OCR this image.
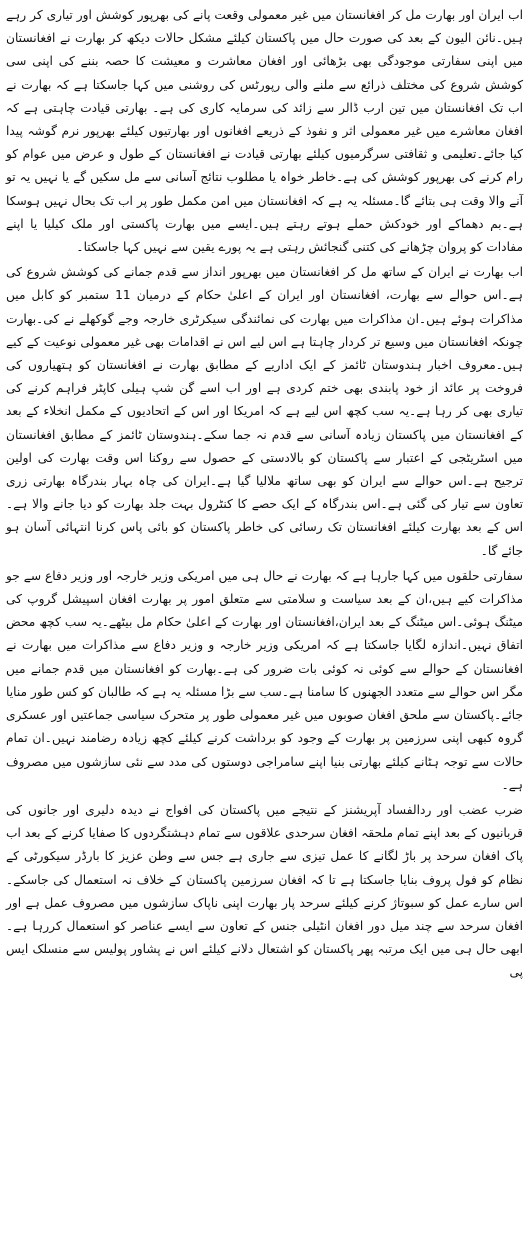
اب ایران اور بھارت مل کر افغانستان میں غیر معمولی وقعت پانے کی بھرپور کوشش اور تیاری کر رہے ہیں۔نائن الیون کے بعد کی صورت حال میں پاکستان کیلئے مشکل حالات دیکھ کر بھارت نے افغانستان میں اپنی سفارتی موجودگی بھی بڑھائی اور افغان معاشرت و معیشت کا حصہ بننے کی اپنی سی کوشش شروع کی مختلف ذرائع سے ملنے والی رپورٹس کی روشنی میں کہا جاسکتا ہے کہ بھارت نے اب تک افغانستان میں تین ارب ڈالر سے زائد کی سرمایہ کاری کی ہے۔ بھارتی قیادت چاہتی ہے کہ افغان معاشرے میں غیر معمولی اثر و نفوذ کے ذریعے افغانوں اور بھارتیوں کیلئے بھرپور نرم گوشہ پیدا کیا جائے۔تعلیمی و ثقافتی سرگرمیوں کیلئے بھارتی قیادت نے افغانستان کے طول و عرض میں عوام کو رام کرنے کی بھرپور کوشش کی ہے۔خاطر خواہ یا مطلوب نتائج آسانی سے مل سکیں گے یا نہیں یہ تو آنے والا وقت ہی بتائے گا۔مسئلہ یہ ہے کہ افغانستان میں امن مکمل طور پر اب تک بحال نہیں ہوسکا ہے۔بم دھماکے اور خودکش حملے ہوتے رہتے ہیں۔ایسے میں بھارت پاکستی اور ملک کیلیا یا اپنے مفادات کو پروان چڑھانے کی کتنی گنجائش رہتی ہے یہ پورے یقین سے نہیں کہا جاسکتا۔

اب بھارت نے ایران کے ساتھ مل کر افغانستان میں بھرپور انداز سے قدم جمانے کی کوشش شروع کی ہے۔اس حوالے سے بھارت، افغانستان اور ایران کے اعلیٰ حکام کے درمیان 11 ستمبر کو کابل میں مذاکرات ہوئے ہیں۔ان مذاکرات میں بھارت کی نمائندگی سیکرٹری خارجہ وجے گوکھلے نے کی۔بھارت چونکہ افغانستان میں وسیع تر کردار چاہتا ہے اس لیے اس نے اقدامات بھی غیر معمولی نوعیت کے کیے ہیں۔معروف اخبار ہندوستان ٹائمز کے ایک اداریے کے مطابق بھارت نے افغانستان کو ہتھیاروں کی فروخت پر عائد از خود پابندی بھی ختم کردی ہے اور اب اسے گن شپ ہیلی کاپٹر فراہم کرنے کی تیاری بھی کر رہا ہے۔یہ سب کچھ اس لیے ہے کہ امریکا اور اس کے اتحادیوں کے مکمل انخلاء کے بعد کے افغانستان میں پاکستان زیادہ آسانی سے قدم نہ جما سکے۔ہندوستان ٹائمز کے مطابق افغانستان میں اسٹریٹجی کے اعتبار سے پاکستان کو بالادستی کے حصول سے روکنا اس وقت بھارت کی اولین ترجیح ہے۔اس حوالے سے ایران کو بھی ساتھ ملالیا گیا ہے۔ایران کی چاہ بہار بندرگاہ بھارتی زری تعاون سے تیار کی گئی ہے۔اس بندرگاہ کے ایک حصے کا کنٹرول بہت جلد بھارت کو دیا جانے والا ہے۔اس کے بعد بھارت کیلئے افغانستان تک رسائی کی خاطر پاکستان کو بائی پاس کرنا انتہائی آسان ہو جائے گا۔

سفارتی حلقوں میں کہا جارہا ہے کہ بھارت نے حال ہی میں امریکی وزیر خارجہ اور وزیر دفاع سے جو مذاکرات کیے ہیں،ان کے بعد سیاست و سلامتی سے متعلق امور پر بھارت افغان اسپیشل گروپ کی میٹنگ ہوئی۔اس میٹنگ کے بعد ایران،افغانستان اور بھارت کے اعلیٰ حکام مل بیٹھے۔یہ سب کچھ محض اتفاق نہیں۔اندازہ لگایا جاسکتا ہے کہ امریکی وزیر خارجہ و وزیر دفاع سے مذاکرات میں بھارت نے افغانستان کے حوالے سے کوئی نہ کوئی بات ضرور کی ہے۔بھارت کو افغانستان میں قدم جمانے میں مگر اس حوالے سے متعدد الجھنوں کا سامنا ہے۔سب سے بڑا مسئلہ یہ ہے کہ طالبان کو کس طور منایا جائے۔پاکستان سے ملحق افغان صوبوں میں غیر معمولی طور پر متحرک سیاسی جماعتیں اور عسکری گروہ کبھی اپنی سرزمین پر بھارت کے وجود کو برداشت کرنے کیلئے کچھ زیادہ رضامند نہیں۔ان تمام حالات سے توجہ ہٹانے کیلئے بھارتی بنیا اپنے سامراجی دوستوں کی مدد سے نئی سازشوں میں مصروف ہے۔

ضرب عضب اور ردالفساد آپریشنز کے نتیجے میں پاکستان کی افواج نے دیدہ دلیری اور جانوں کی قربانیوں کے بعد اپنے تمام ملحقہ افغان سرحدی علاقوں سے تمام دہشتگردوں کا صفایا کرنے کے بعد اب پاک افغان سرحد پر باڑ لگانے کا عمل تیزی سے جاری ہے جس سے وطن عزیز کا بارڈر سیکورٹی کے نظام کو فول پروف بنایا جاسکتا ہے تا کہ افغان سرزمین پاکستان کے خلاف نہ استعمال کی جاسکے۔اس سارے عمل کو سبوتاژ کرنے کیلئے سرحد پار بھارت اپنی ناپاک سازشوں میں مصروف عمل ہے اور افغان سرحد سے چند میل دور افغان انٹیلی جنس کے تعاون سے ایسے عناصر کو استعمال کررہا ہے۔ابھی حال ہی میں ایک مرتبہ پھر پاکستان کو اشتعال دلانے کیلئے اس نے پشاور پولیس سے منسلک ایس پی
